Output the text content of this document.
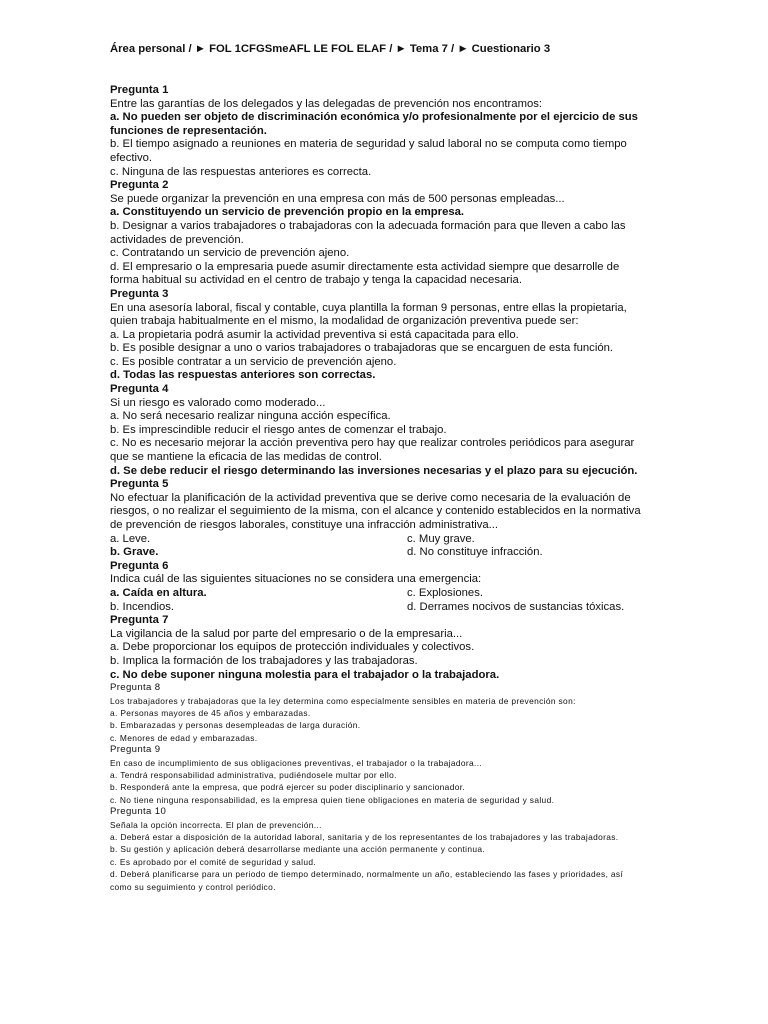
Área personal / ► FOL 1CFGSmeAFL LE FOL ELAF / ► Tema 7 / ► Cuestionario 3
Pregunta 1
Entre las garantías de los delegados y las delegadas de prevención nos encontramos:
a. No pueden ser objeto de discriminación económica y/o profesionalmente por el ejercicio de sus funciones de representación.
b. El tiempo asignado a reuniones en materia de seguridad y salud laboral no se computa como tiempo efectivo.
c. Ninguna de las respuestas anteriores es correcta.
Pregunta 2
Se puede organizar la prevención en una empresa con más de 500 personas empleadas...
a. Constituyendo un servicio de prevención propio en la empresa.
b. Designar a varios trabajadores o trabajadoras con la adecuada formación para que lleven a cabo las actividades de prevención.
c. Contratando un servicio de prevención ajeno.
d. El empresario o la empresaria puede asumir directamente esta actividad siempre que desarrolle de forma habitual su actividad en el centro de trabajo y tenga la capacidad necesaria.
Pregunta 3
En una asesoría laboral, fiscal y contable, cuya plantilla la forman 9 personas, entre ellas la propietaria, quien trabaja habitualmente en el mismo, la modalidad de organización preventiva puede ser:
a. La propietaria podrá asumir la actividad preventiva si está capacitada para ello.
b. Es posible designar a uno o varios trabajadores o trabajadoras que se encarguen de esta función.
c. Es posible contratar a un servicio de prevención ajeno.
d. Todas las respuestas anteriores son correctas.
Pregunta 4
Si un riesgo es valorado como moderado...
a. No será necesario realizar ninguna acción específica.
b. Es imprescindible reducir el riesgo antes de comenzar el trabajo.
c. No es necesario mejorar la acción preventiva pero hay que realizar controles periódicos para asegurar que se mantiene la eficacia de las medidas de control.
d. Se debe reducir el riesgo determinando las inversiones necesarias y el plazo para su ejecución.
Pregunta 5
No efectuar la planificación de la actividad preventiva que se derive como necesaria de la evaluación de riesgos, o no realizar el seguimiento de la misma, con el alcance y contenido establecidos en la normativa de prevención de riesgos laborales, constituye una infracción administrativa...
a. Leve.	c. Muy grave.
b. Grave.	d. No constituye infracción.
Pregunta 6
Indica cuál de las siguientes situaciones no se considera una emergencia:
a. Caída en altura.	c. Explosiones.
b. Incendios.	d. Derrames nocivos de sustancias tóxicas.
Pregunta 7
La vigilancia de la salud por parte del empresario o de la empresaria...
a. Debe proporcionar los equipos de protección individuales y colectivos.
b. Implica la formación de los trabajadores y las trabajadoras.
c. No debe suponer ninguna molestia para el trabajador o la trabajadora.
Pregunta 8
Los trabajadores y trabajadoras que la ley determina como especialmente sensibles en materia de prevención son:
a. Personas mayores de 45 años y embarazadas.
b. Embarazadas y personas desempleadas de larga duración.
c. Menores de edad y embarazadas.
Pregunta 9
En caso de incumplimiento de sus obligaciones preventivas, el trabajador o la trabajadora...
a. Tendrá responsabilidad administrativa, pudiéndosele multar por ello.
b. Responderá ante la empresa, que podrá ejercer su poder disciplinario y sancionador.
c. No tiene ninguna responsabilidad, es la empresa quien tiene obligaciones en materia de seguridad y salud.
Pregunta 10
Señala la opción incorrecta. El plan de prevención...
a. Deberá estar a disposición de la autoridad laboral, sanitaria y de los representantes de los trabajadores y las trabajadoras.
b. Su gestión y aplicación deberá desarrollarse mediante una acción permanente y continua.
c. Es aprobado por el comité de seguridad y salud.
d. Deberá planificarse para un periodo de tiempo determinado, normalmente un año, estableciendo las fases y prioridades, así como su seguimiento y control periódico.
